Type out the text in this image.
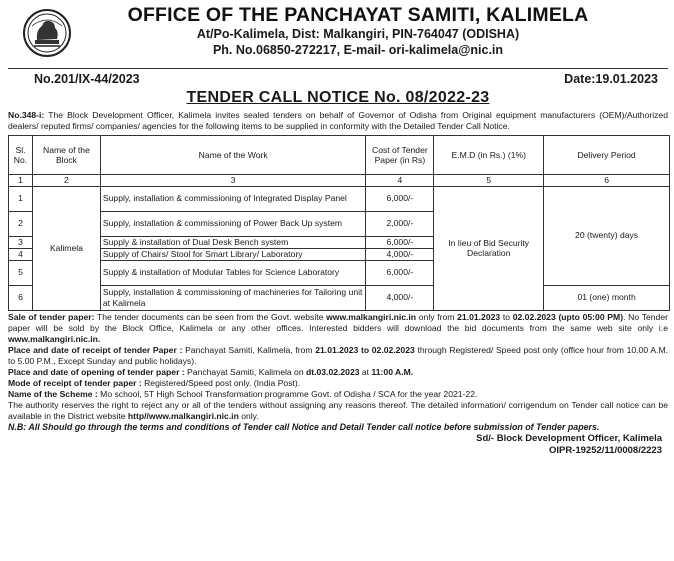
OFFICE OF THE PANCHAYAT SAMITI, KALIMELA
At/Po-Kalimela, Dist: Malkangiri, PIN-764047 (ODISHA)
Ph. No.06850-272217, E-mail- ori-kalimela@nic.in
No.201/IX-44/2023	Date:19.01.2023
TENDER CALL NOTICE No. 08/2022-23
No.348-i: The Block Development Officer, Kalimela invites sealed tenders on behalf of Governor of Odisha from Original equipment manufacturers (OEM)/Authorized dealers/ reputed firms/ companies/ agencies for the following items to be supplied in conformity with the Detailed Tender Call Notice.
Sl. No.	Name of the Block	Name of the Work	Cost of Tender Paper (in Rs)	E.M.D (in Rs.) (1%)	Delivery Period
1	2	3	4	5	6
1	Kalimela	Supply, installation & commissioning of Integrated Display Panel	6,000/-	In lieu of Bid Security Declaration	20 (twenty) days
2		Supply, installation & commissioning of Power Back Up system	2,000/-		
3		Supply & installation of Dual Desk Bench system	6,000/-		
4		Supply of Chairs/ Stool for Smart Library/ Laboratory	4,000/-		
5		Supply & installation of Modular Tables for Science Laboratory	6,000/-		
6		Supply, installation & commissioning of machineries for Tailoring unit at Kalimela	4,000/-		01 (one) month

Sale of tender paper: The tender documents can be seen from the Govt. website www.malkangiri.nic.in only from 21.01.2023 to 02.02.2023 (upto 05:00 PM). No Tender paper will be sold by the Block Office, Kalimela or any other offices. Interested bidders will download the bid documents from the same web site only i.e www.malkangiri.nic.in.

Place and date of receipt of tender Paper : Panchayat Samiti, Kalimela, from 21.01.2023 to 02.02.2023 through Registered/ Speed post only (office hour from 10.00 A.M. to 5.00 P.M., Except Sunday and public holidays).

Place and date of opening of tender paper : Panchayat Samiti, Kalimela on dt.03.02.2023 at 11:00 A.M.

Mode of receipt of tender paper : Registered/Speed post only. (India Post).

Name of the Scheme : Mo school, 5T High School Transformation programme Govt. of Odisha / SCA for the year 2021-22.

The authority reserves the right to reject any or all of the tenders without assigning any reasons thereof. The detailed information/ corrigendum on Tender call notice can be available in the District website http//www.malkangiri.nic.in only.

N.B: All Should go through the terms and conditions of Tender call Notice and Detail Tender call notice before submission of Tender papers.

Sd/- Block Development Officer, Kalimela
OIPR-19252/11/0008/2223
